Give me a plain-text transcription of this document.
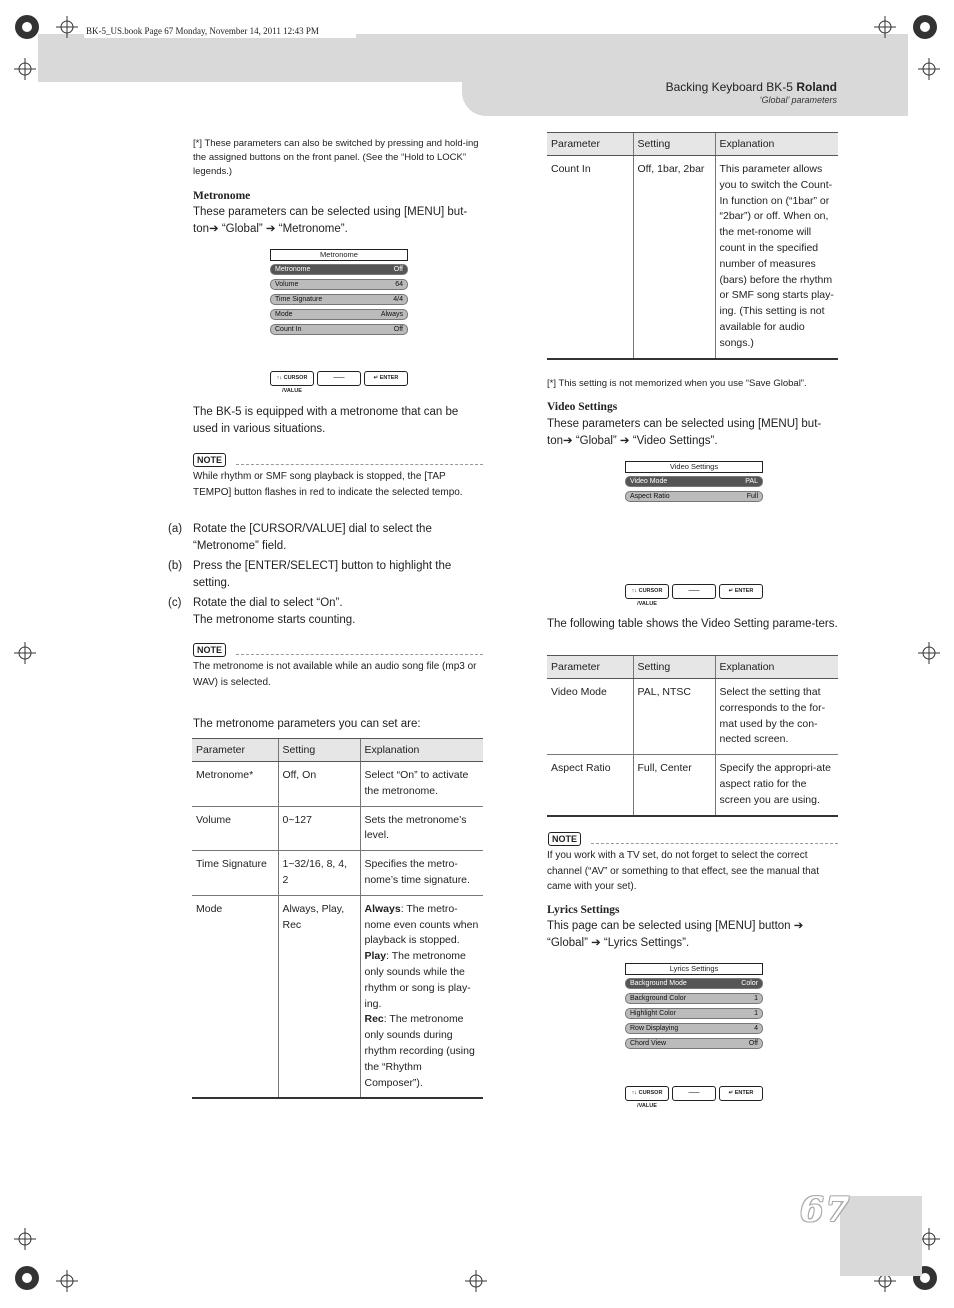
BK-5_US.book Page 67 Monday, November 14, 2011 12:43 PM
Backing Keyboard BK-5 Roland
‘Global’ parameters
67
[*] These parameters can also be switched by pressing and hold-ing the assigned buttons on the front panel. (See the “Hold to LOCK” legends.)
Metronome
These parameters can be selected using [MENU] but-ton➔ “Global” ➔ “Metronome”.
Metronome
Metronome	Off
Volume	64
Time Signature	4/4
Mode	Always
Count In	Off
↑↓ CURSOR /VALUE
——	↵ ENTER
The BK-5 is equipped with a metronome that can be used in various situations.
NOTE
While rhythm or SMF song playback is stopped, the [TAP TEMPO] button flashes in red to indicate the selected tempo.
(a) Rotate the [CURSOR/VALUE] dial to select the “Metronome” field.
(b) Press the [ENTER/SELECT] button to highlight the setting.
(c) Rotate the dial to select “On”.
The metronome starts counting.
NOTE
The metronome is not available while an audio song file (mp3 or WAV) is selected.
The metronome parameters you can set are:
Parameter	Setting	Explanation
Metronome*	Off, On	Select “On” to activate the metronome.
Volume	0~127	Sets the metronome’s level.
Time Signature	1~32/16, 8, 4, 2	Specifies the metro-nome’s time signature.
Mode	Always, Play, Rec	Always: The metro-nome even counts when playback is stopped.
Play: The metronome only sounds while the rhythm or song is play-ing.
Rec: The metronome only sounds during rhythm recording (using the “Rhythm Composer”).
Parameter	Setting	Explanation
Count In	Off, 1bar, 2bar	This parameter allows you to switch the Count-In function on (“1bar” or “2bar”) or off. When on, the met-ronome will count in the specified number of measures (bars) before the rhythm or SMF song starts play-ing. (This setting is not available for audio songs.)
[*] This setting is not memorized when you use “Save Global”.
Video Settings
These parameters can be selected using [MENU] but-ton➔ “Global” ➔ “Video Settings”.
Video Settings
Video Mode	PAL
Aspect Ratio	Full
↑↓ CURSOR /VALUE
——	↵ ENTER
The following table shows the Video Setting parame-ters.
Parameter	Setting	Explanation
Video Mode	PAL, NTSC	Select the setting that corresponds to the for-mat used by the con-nected screen.
Aspect Ratio	Full, Center	Specify the appropri-ate aspect ratio for the screen you are using.
NOTE
If you work with a TV set, do not forget to select the correct channel (“AV” or something to that effect, see the manual that came with your set).
Lyrics Settings
This page can be selected using [MENU] button ➔ “Global” ➔ “Lyrics Settings”.
Lyrics Settings
Background Mode	Color
Background Color	1
Highlight Color	1
Row Displaying	4
Chord View	Off
↑↓ CURSOR /VALUE
——	↵ ENTER
